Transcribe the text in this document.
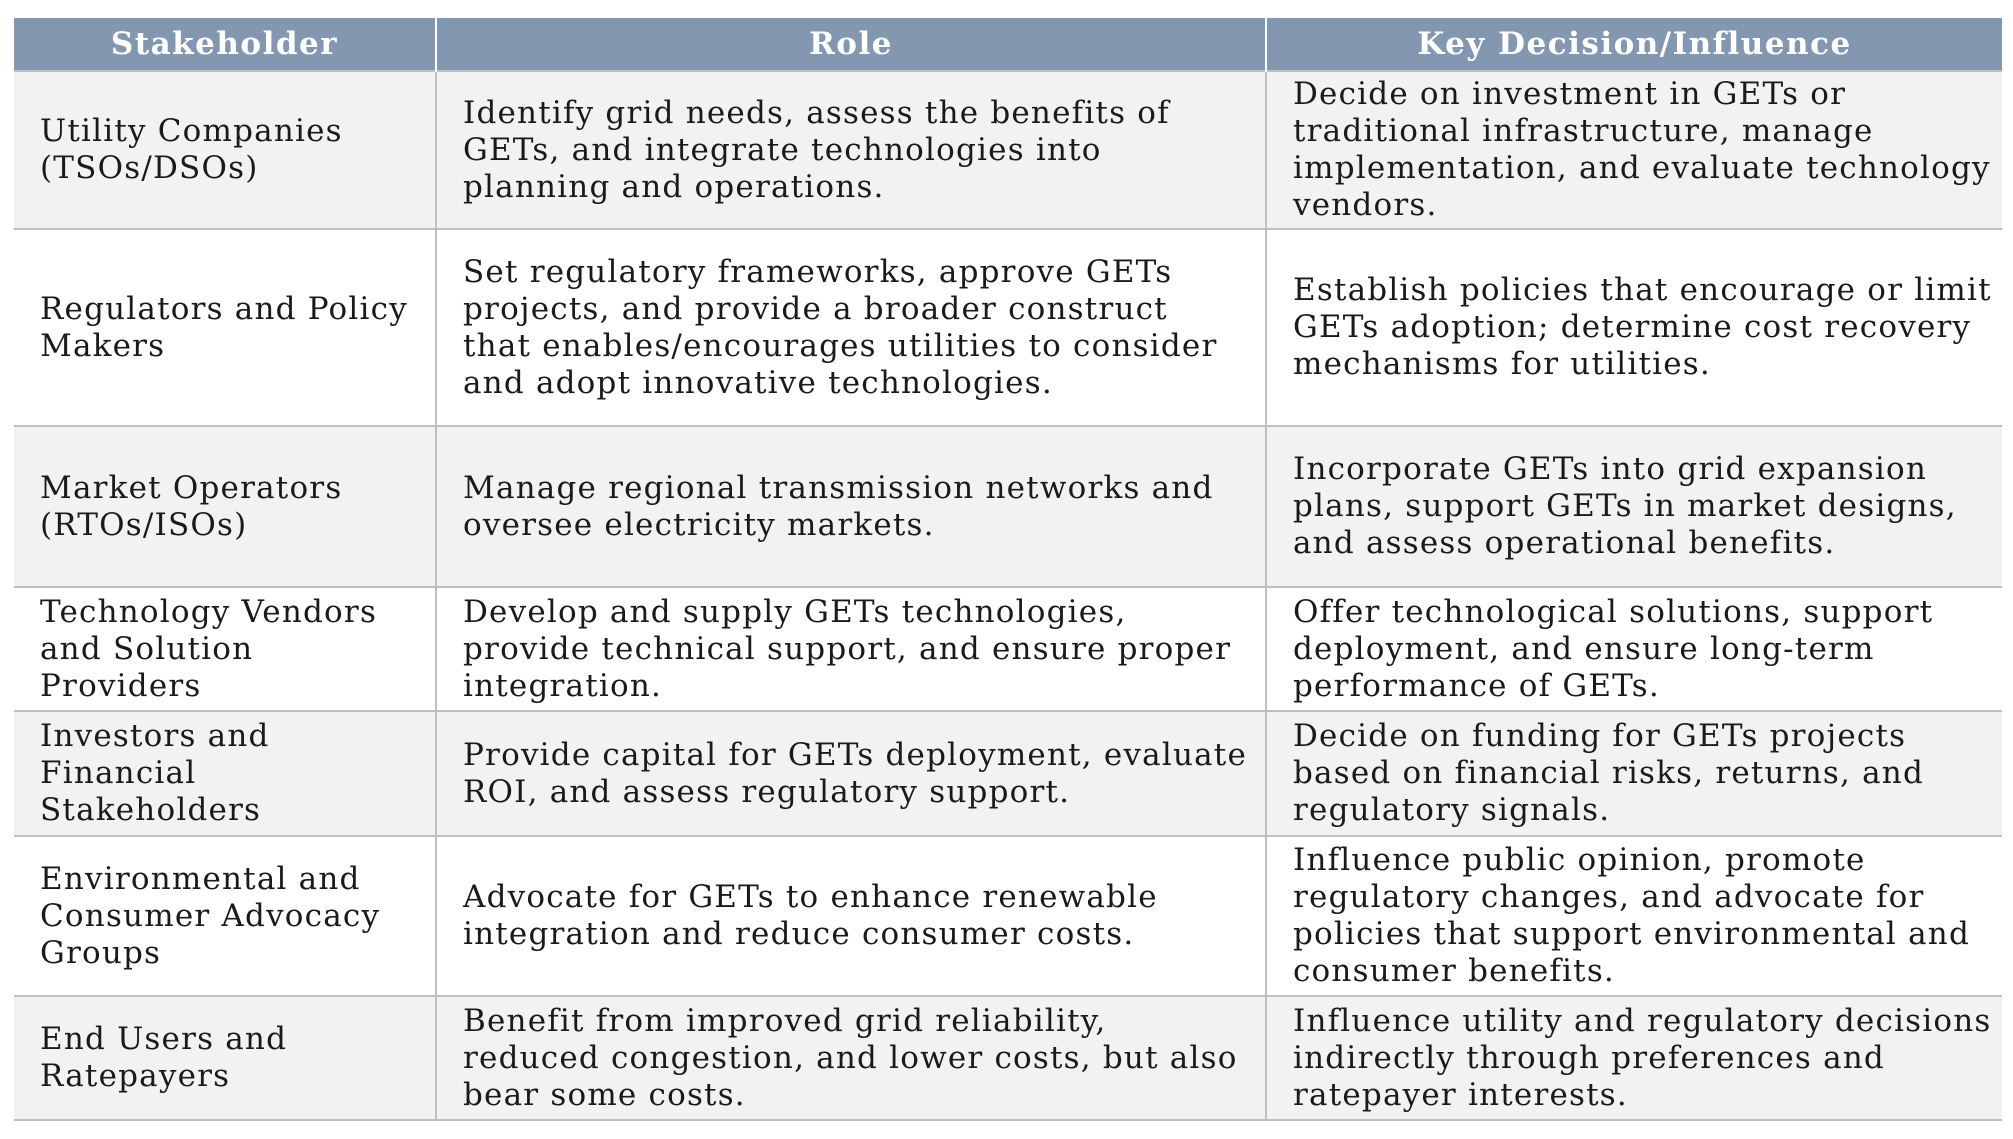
Stakeholder	Role	Key Decision/Influence

Utility Companies (TSOs/DSOs)	Identify grid needs, assess the benefits of GETs, and integrate technologies into planning and operations.	Decide on investment in GETs or traditional infrastructure, manage implementation, and evaluate technology vendors.

Regulators and Policy Makers	Set regulatory frameworks, approve GETs projects, and provide a broader construct that enables/encourages utilities to consider and adopt innovative technologies.	Establish policies that encourage or limit GETs adoption; determine cost recovery mechanisms for utilities.

Market Operators (RTOs/ISOs)	Manage regional transmission networks and oversee electricity markets.	Incorporate GETs into grid expansion plans, support GETs in market designs, and assess operational benefits.

Technology Vendors and Solution Providers	Develop and supply GETs technologies, provide technical support, and ensure proper integration.	Offer technological solutions, support deployment, and ensure long-term performance of GETs.

Investors and Financial Stakeholders	Provide capital for GETs deployment, evaluate ROI, and assess regulatory support.	Decide on funding for GETs projects based on financial risks, returns, and regulatory signals.

Environmental and Consumer Advocacy Groups	Advocate for GETs to enhance renewable integration and reduce consumer costs.	Influence public opinion, promote regulatory changes, and advocate for policies that support environmental and consumer benefits.

End Users and Ratepayers	Benefit from improved grid reliability, reduced congestion, and lower costs, but also bear some costs.	Influence utility and regulatory decisions indirectly through preferences and ratepayer interests.
